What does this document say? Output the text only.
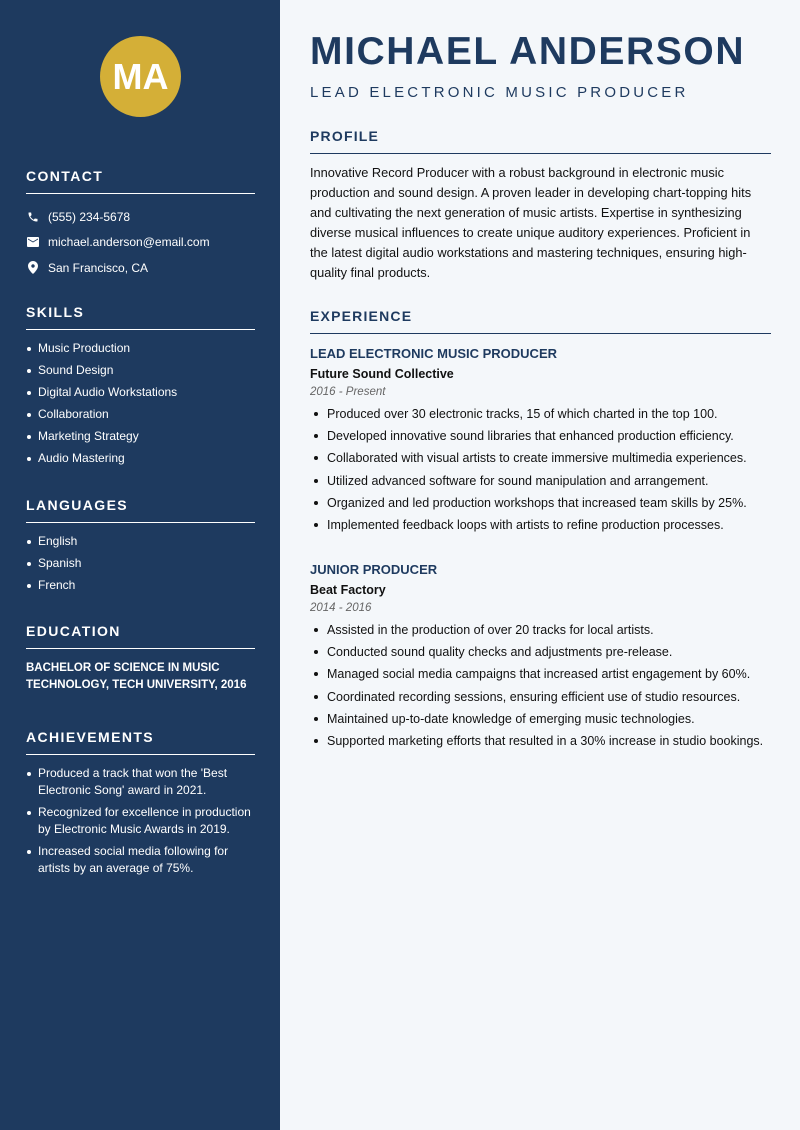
MA
CONTACT
(555) 234-5678
michael.anderson@email.com
San Francisco, CA
SKILLS
Music Production
Sound Design
Digital Audio Workstations
Collaboration
Marketing Strategy
Audio Mastering
LANGUAGES
English
Spanish
French
EDUCATION
BACHELOR OF SCIENCE IN MUSIC TECHNOLOGY, TECH UNIVERSITY, 2016
ACHIEVEMENTS
Produced a track that won the 'Best Electronic Song' award in 2021.
Recognized for excellence in production by Electronic Music Awards in 2019.
Increased social media following for artists by an average of 75%.
MICHAEL ANDERSON
LEAD ELECTRONIC MUSIC PRODUCER
PROFILE

Innovative Record Producer with a robust background in electronic music production and sound design. A proven leader in developing chart-topping hits and cultivating the next generation of music artists. Expertise in synthesizing diverse musical influences to create unique auditory experiences. Proficient in the latest digital audio workstations and mastering techniques, ensuring high-quality final products.

EXPERIENCE
LEAD ELECTRONIC MUSIC PRODUCER
Future Sound Collective
2016 - Present
Produced over 30 electronic tracks, 15 of which charted in the top 100.
Developed innovative sound libraries that enhanced production efficiency.
Collaborated with visual artists to create immersive multimedia experiences.
Utilized advanced software for sound manipulation and arrangement.
Organized and led production workshops that increased team skills by 25%.
Implemented feedback loops with artists to refine production processes.
JUNIOR PRODUCER
Beat Factory
2014 - 2016
Assisted in the production of over 20 tracks for local artists.
Conducted sound quality checks and adjustments pre-release.
Managed social media campaigns that increased artist engagement by 60%.
Coordinated recording sessions, ensuring efficient use of studio resources.
Maintained up-to-date knowledge of emerging music technologies.
Supported marketing efforts that resulted in a 30% increase in studio bookings.
